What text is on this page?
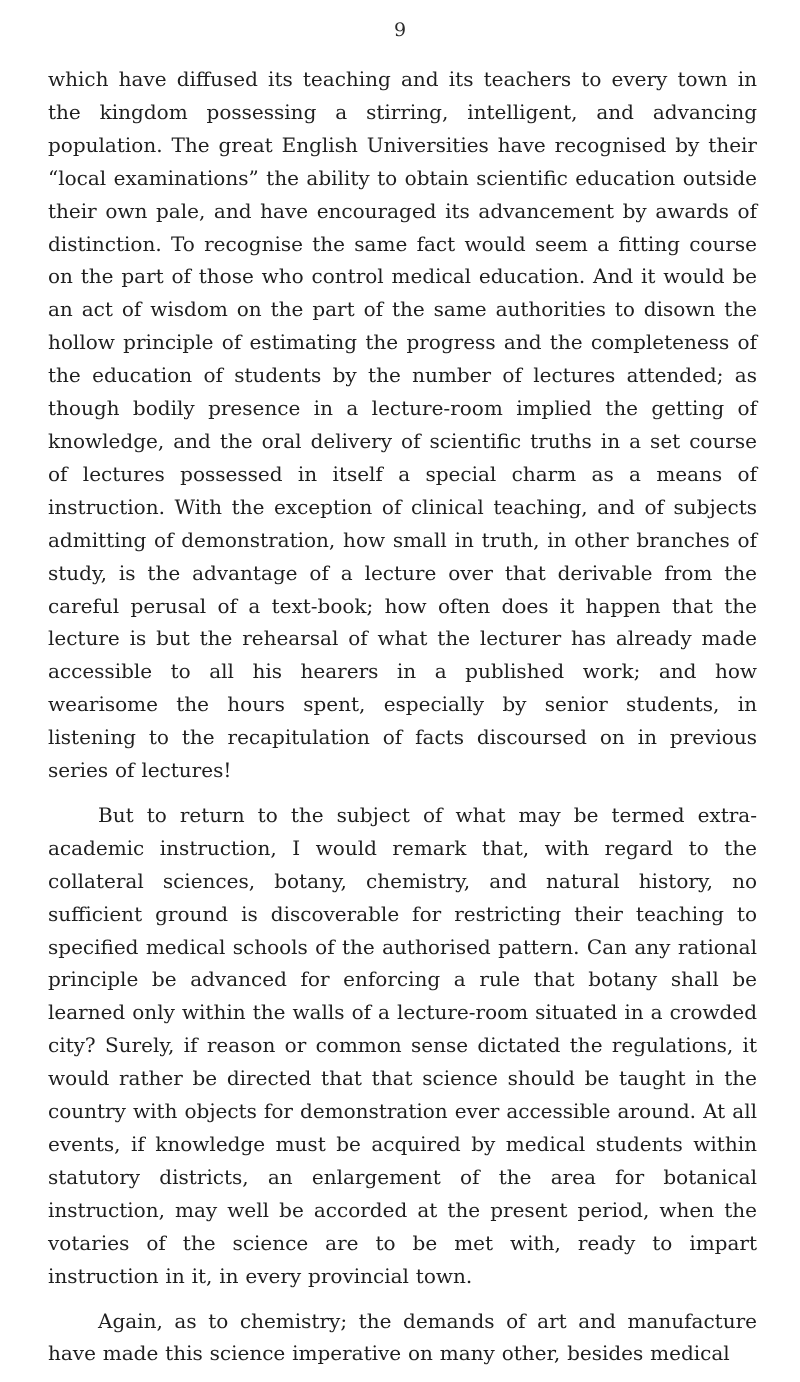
9

which have diffused its teaching and its teachers to every town in the kingdom possessing a stirring, intelligent, and advancing population. The great English Universities have recognised by their “local examinations” the ability to obtain scientific education outside their own pale, and have encouraged its advancement by awards of distinction. To recognise the same fact would seem a fitting course on the part of those who control medical education. And it would be an act of wisdom on the part of the same authorities to disown the hollow principle of estimating the progress and the completeness of the education of students by the number of lectures attended; as though bodily presence in a lecture-room implied the getting of knowledge, and the oral delivery of scientific truths in a set course of lectures possessed in itself a special charm as a means of instruction. With the exception of clinical teaching, and of subjects admitting of demonstration, how small in truth, in other branches of study, is the advantage of a lecture over that derivable from the careful perusal of a text-book; how often does it happen that the lecture is but the rehearsal of what the lecturer has already made accessible to all his hearers in a published work; and how wearisome the hours spent, especially by senior students, in listening to the recapitulation of facts discoursed on in previous series of lectures!

But to return to the subject of what may be termed extra-academic instruction, I would remark that, with regard to the collateral sciences, botany, chemistry, and natural history, no sufficient ground is discoverable for restricting their teaching to specified medical schools of the authorised pattern. Can any rational principle be advanced for enforcing a rule that botany shall be learned only within the walls of a lecture-room situated in a crowded city? Surely, if reason or common sense dictated the regulations, it would rather be directed that that science should be taught in the country with objects for demonstration ever accessible around. At all events, if knowledge must be acquired by medical students within statutory districts, an enlargement of the area for botanical instruction, may well be accorded at the present period, when the votaries of the science are to be met with, ready to impart instruction in it, in every provincial town.

Again, as to chemistry; the demands of art and manufacture have made this science imperative on many other, besides medical
